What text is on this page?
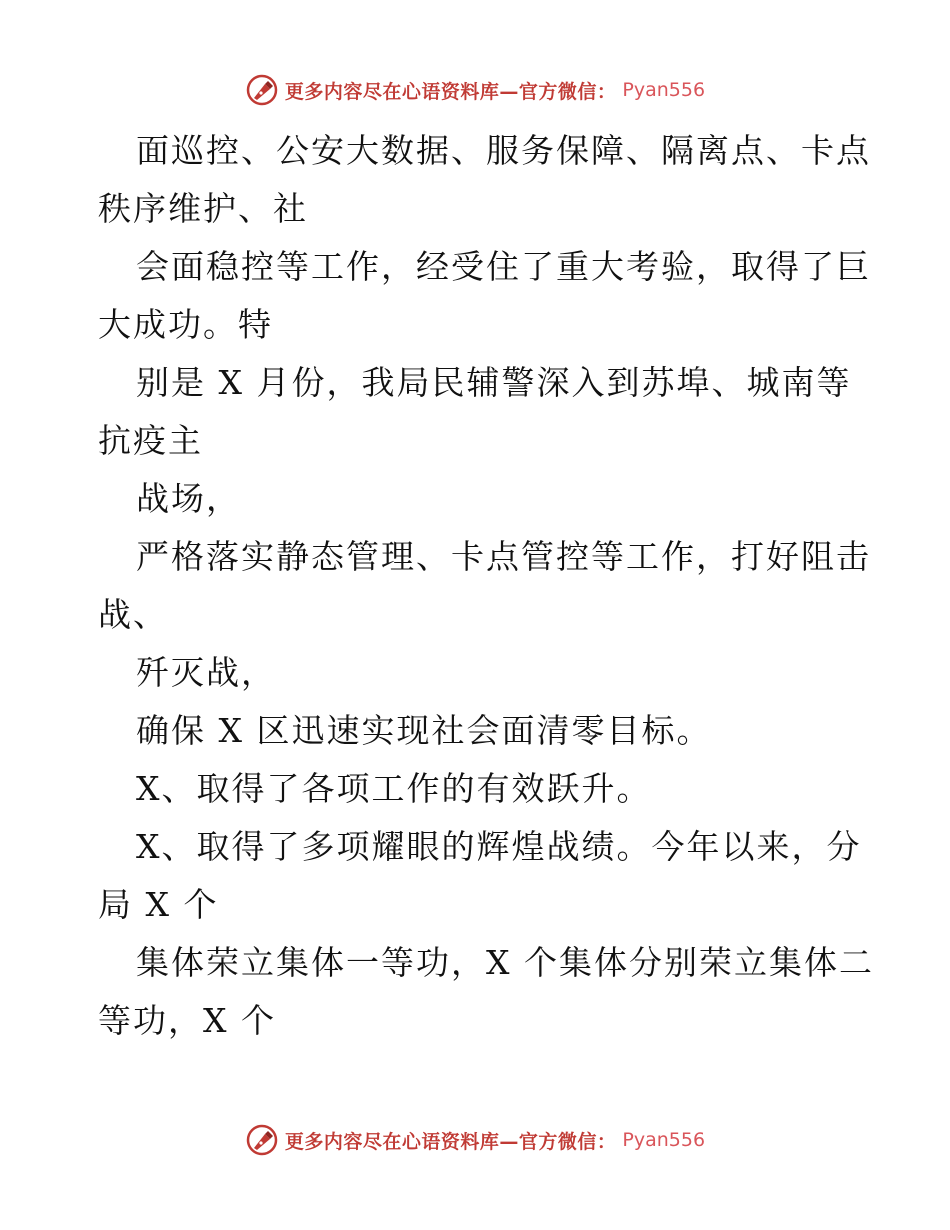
更多内容尽在心语资料库—官方微信： Pyan556
面巡控、公安大数据、服务保障、隔离点、卡点
秩序维护、社
会面稳控等工作，经受住了重大考验，取得了巨
大成功。特
别是 X 月份，我局民辅警深入到苏埠、城南等
抗疫主
战场，
严格落实静态管理、卡点管控等工作，打好阻击
战、
歼灭战，
确保 X 区迅速实现社会面清零目标。
X、取得了各项工作的有效跃升。
X、取得了多项耀眼的辉煌战绩。今年以来，分
局 X 个
集体荣立集体一等功，X 个集体分别荣立集体二
等功，X 个
更多内容尽在心语资料库—官方微信： Pyan556
